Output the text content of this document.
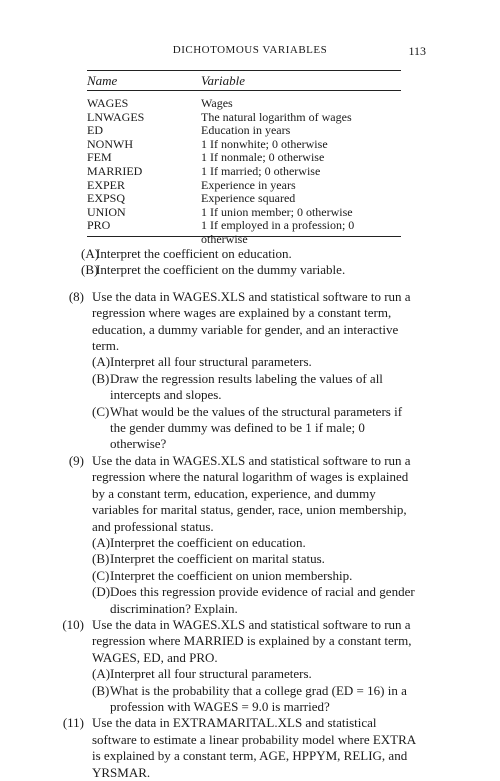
DICHOTOMOUS VARIABLES	113
Name	Variable
WAGES	Wages
LNWAGES	The natural logarithm of wages
ED	Education in years
NONWH	1 If nonwhite; 0 otherwise
FEM	1 If nonmale; 0 otherwise
MARRIED	1 If married; 0 otherwise
EXPER	Experience in years
EXPSQ	Experience squared
UNION	1 If union member; 0 otherwise
PRO	1 If employed in a profession; 0 otherwise
(A)
Interpret the coefficient on education.
(B)
Interpret the coefficient on the dummy variable.
(8) Use the data in WAGES.XLS and statistical software to run a regression where wages are explained by a constant term, education, a dummy variable for gender, and an interactive term.
(A) Interpret all four structural parameters.
(B) Draw the regression results labeling the values of all intercepts and slopes.
(C) What would be the values of the structural parameters if the gender dummy was defined to be 1 if male; 0 otherwise?
(9) Use the data in WAGES.XLS and statistical software to run a regression where the natural logarithm of wages is explained by a constant term, education, experience, and dummy variables for marital status, gender, race, union membership, and professional status.
(A) Interpret the coefficient on education.
(B) Interpret the coefficient on marital status.
(C) Interpret the coefficient on union membership.
(D) Does this regression provide evidence of racial and gender discrimination? Explain.
(10) Use the data in WAGES.XLS and statistical software to run a regression where MARRIED is explained by a constant term, WAGES, ED, and PRO.
(A) Interpret all four structural parameters.
(B) What is the probability that a college grad (ED = 16) in a profession with WAGES = 9.0 is married?
(11) Use the data in EXTRAMARITAL.XLS and statistical software to estimate a linear probability model where EXTRA is explained by a constant term, AGE, HPPYM, RELIG, and YRSMAR.
